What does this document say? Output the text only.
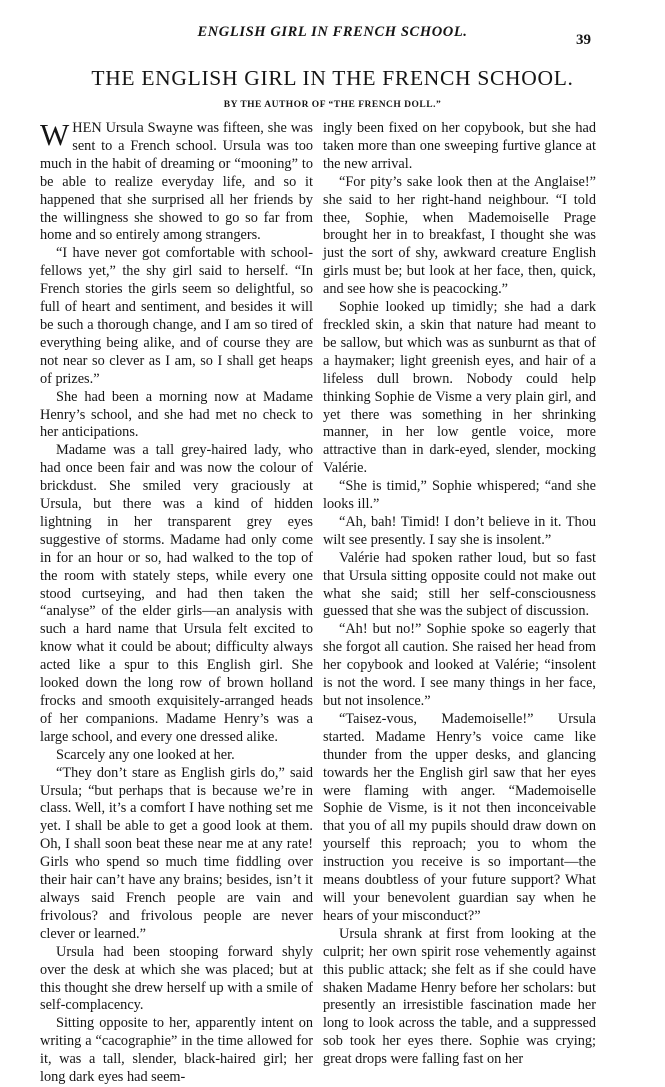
ENGLISH GIRL IN FRENCH SCHOOL.	39
THE ENGLISH GIRL IN THE FRENCH SCHOOL.
BY THE AUTHOR OF “THE FRENCH DOLL.”

WHEN Ursula Swayne was fifteen, she was sent to a French school. Ursula was too much in the habit of dreaming or “mooning” to be able to realize everyday life, and so it happened that she surprised all her friends by the willingness she showed to go so far from home and so entirely among strangers.

“I have never got comfortable with school-fellows yet,” the shy girl said to herself. “In French stories the girls seem so delightful, so full of heart and sentiment, and besides it will be such a thorough change, and I am so tired of everything being alike, and of course they are not near so clever as I am, so I shall get heaps of prizes.”

She had been a morning now at Madame Henry’s school, and she had met no check to her anticipations.

Madame was a tall grey-haired lady, who had once been fair and was now the colour of brickdust. She smiled very graciously at Ursula, but there was a kind of hidden lightning in her transparent grey eyes suggestive of storms. Madame had only come in for an hour or so, had walked to the top of the room with stately steps, while every one stood curtseying, and had then taken the “analyse” of the elder girls—an analysis with such a hard name that Ursula felt excited to know what it could be about; difficulty always acted like a spur to this English girl. She looked down the long row of brown holland frocks and smooth exquisitely-arranged heads of her companions. Madame Henry’s was a large school, and every one dressed alike.

Scarcely any one looked at her.

“They don’t stare as English girls do,” said Ursula; “but perhaps that is because we’re in class. Well, it’s a comfort I have nothing set me yet. I shall be able to get a good look at them. Oh, I shall soon beat these near me at any rate! Girls who spend so much time fiddling over their hair can’t have any brains; besides, isn’t it always said French people are vain and frivolous? and frivolous people are never clever or learned.”

Ursula had been stooping forward shyly over the desk at which she was placed; but at this thought she drew herself up with a smile of self-complacency.

Sitting opposite to her, apparently intent on writing a “cacographie” in the time allowed for it, was a tall, slender, black-haired girl; her long dark eyes had seem-

ingly been fixed on her copybook, but she had taken more than one sweeping furtive glance at the new arrival.

“For pity’s sake look then at the Anglaise!” she said to her right-hand neighbour. “I told thee, Sophie, when Mademoiselle Prage brought her in to breakfast, I thought she was just the sort of shy, awkward creature English girls must be; but look at her face, then, quick, and see how she is peacocking.”

Sophie looked up timidly; she had a dark freckled skin, a skin that nature had meant to be sallow, but which was as sunburnt as that of a haymaker; light greenish eyes, and hair of a lifeless dull brown. Nobody could help thinking Sophie de Visme a very plain girl, and yet there was something in her shrinking manner, in her low gentle voice, more attractive than in dark-eyed, slender, mocking Valérie.

“She is timid,” Sophie whispered; “and she looks ill.”

“Ah, bah! Timid! I don’t believe in it. Thou wilt see presently. I say she is insolent.”

Valérie had spoken rather loud, but so fast that Ursula sitting opposite could not make out what she said; still her self-consciousness guessed that she was the subject of discussion.

“Ah! but no!” Sophie spoke so eagerly that she forgot all caution. She raised her head from her copybook and looked at Valérie; “insolent is not the word. I see many things in her face, but not insolence.”

“Taisez-vous, Mademoiselle!” Ursula started. Madame Henry’s voice came like thunder from the upper desks, and glancing towards her the English girl saw that her eyes were flaming with anger. “Mademoiselle Sophie de Visme, is it not then inconceivable that you of all my pupils should draw down on yourself this reproach; you to whom the instruction you receive is so important—the means doubtless of your future support? What will your benevolent guardian say when he hears of your misconduct?”

Ursula shrank at first from looking at the culprit; her own spirit rose vehemently against this public attack; she felt as if she could have shaken Madame Henry before her scholars: but presently an irresistible fascination made her long to look across the table, and a suppressed sob took her eyes there. Sophie was crying; great drops were falling fast on her
